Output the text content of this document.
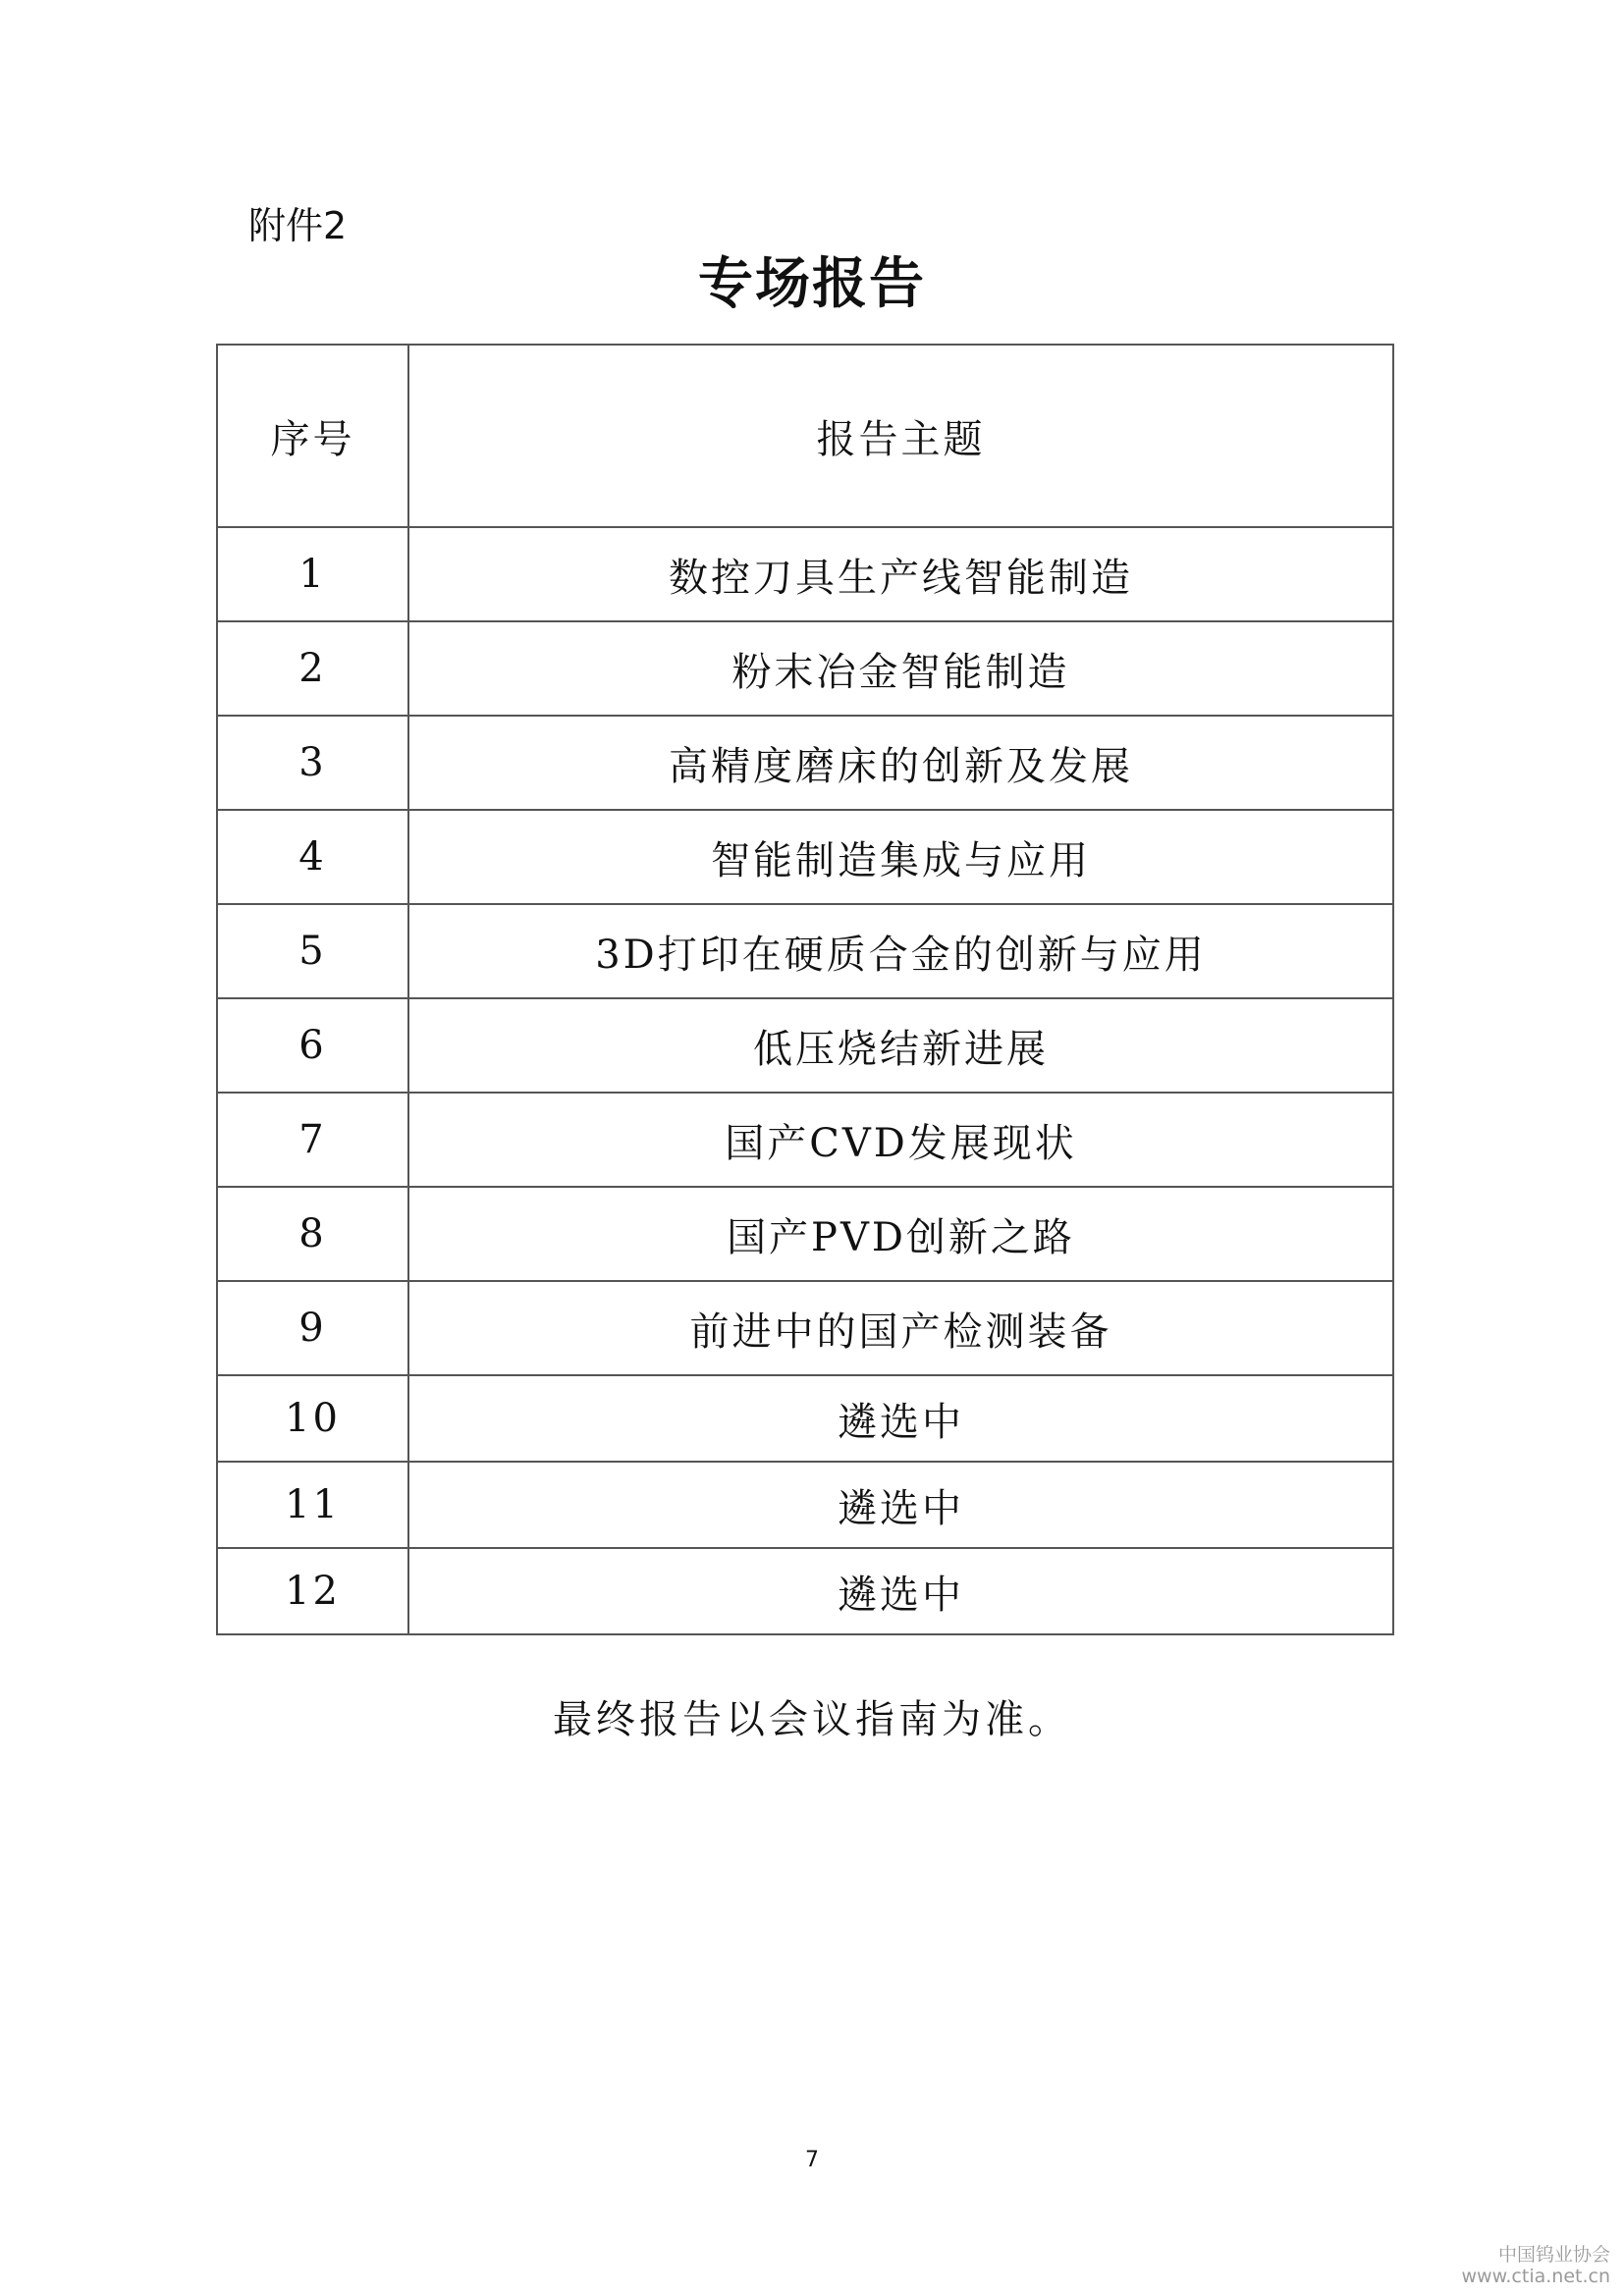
附件2
专场报告
序号	报告主题
1	数控刀具生产线智能制造
2	粉末冶金智能制造
3	高精度磨床的创新及发展
4	智能制造集成与应用
5	3D打印在硬质合金的创新与应用
6	低压烧结新进展
7	国产CVD发展现状
8	国产PVD创新之路
9	前进中的国产检测装备
10	遴选中
11	遴选中
12	遴选中
最终报告以会议指南为准。
7
中国钨业协会
www.ctia.net.cn
